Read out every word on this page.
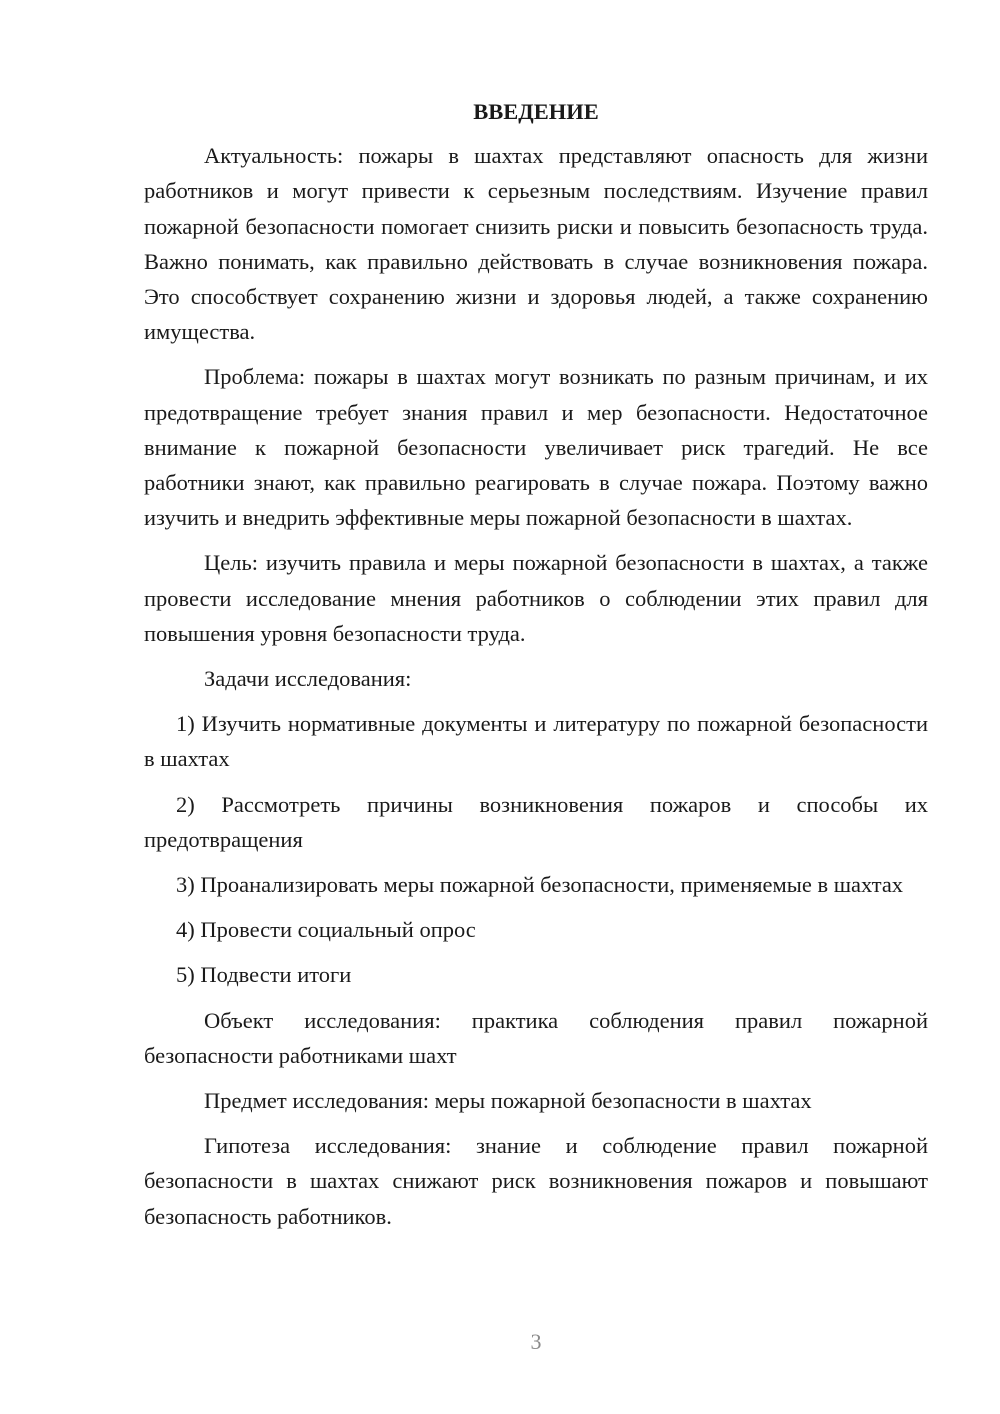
ВВЕДЕНИЕ

Актуальность: пожары в шахтах представляют опасность для жизни работников и могут привести к серьезным последствиям. Изучение правил пожарной безопасности помогает снизить риски и повысить безопасность труда. Важно понимать, как правильно действовать в случае возникновения пожара. Это способствует сохранению жизни и здоровья людей, а также сохранению имущества.

Проблема: пожары в шахтах могут возникать по разным причинам, и их предотвращение требует знания правил и мер безопасности. Недостаточное внимание к пожарной безопасности увеличивает риск трагедий. Не все работники знают, как правильно реагировать в случае пожара. Поэтому важно изучить и внедрить эффективные меры пожарной безопасности в шахтах.

Цель: изучить правила и меры пожарной безопасности в шахтах, а также провести исследование мнения работников о соблюдении этих правил для повышения уровня безопасности труда.

Задачи исследования:

1) Изучить нормативные документы и литературу по пожарной безопасности в шахтах
2) Рассмотреть причины возникновения пожаров и способы их предотвращения
3) Проанализировать меры пожарной безопасности, применяемые в шахтах
4) Провести социальный опрос
5) Подвести итоги

Объект исследования: практика соблюдения правил пожарной безопасности работниками шахт

Предмет исследования: меры пожарной безопасности в шахтах

Гипотеза исследования: знание и соблюдение правил пожарной безопасности в шахтах снижают риск возникновения пожаров и повышают безопасность работников.

3
